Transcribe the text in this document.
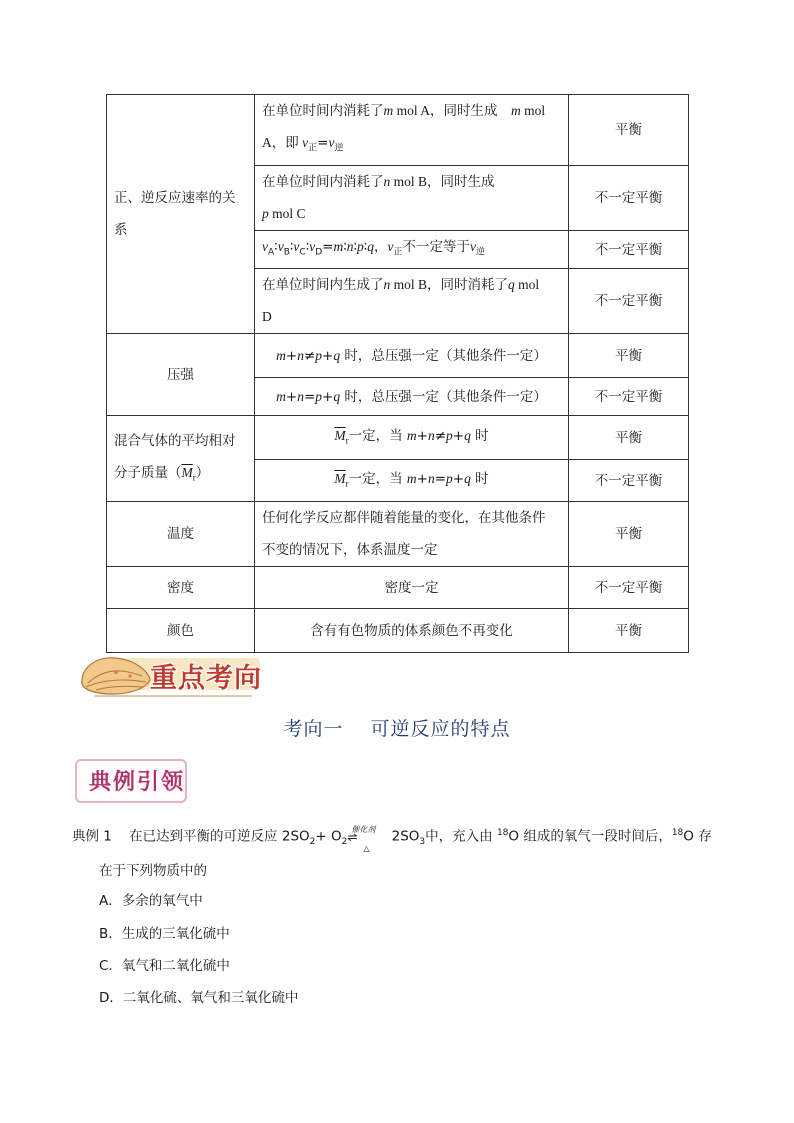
正、逆反应速率的关系	在单位时间内消耗了m mol A，同时生成　m mol
A，即 $v_正=v_逆$	平衡
	在单位时间内消耗了n mol B，同时生成
p mol C	不一定平衡
	$v_A∶v_B∶v_C∶v_D=m∶n∶p∶q$，$v_正$不一定等于$v_逆$	不一定平衡
	在单位时间内生成了n mol B，同时消耗了q mol
D	不一定平衡
压强	m+n≠p+q 时，总压强一定（其他条件一定）	平衡
	m+n=p+q 时，总压强一定（其他条件一定）	不一定平衡
混合气体的平均相对
分子质量$(\overline{M}_r)$	$\overline{M}_r$一定，当 m+n≠p+q 时	平衡
	$\overline{M}_r$一定，当 m+n=p+q 时	不一定平衡
温度	任何化学反应都伴随着能量的变化，在其他条件
不变的情况下，体系温度一定	平衡
密度	密度一定	不一定平衡
颜色	含有有色物质的体系颜色不再变化	平衡
重点考向
考向一 可逆反应的特点
典例引领
典例 1 在已达到平衡的可逆反应 $2SO_2+ O_2$
催化剂
⇌
△
$2SO_3$中，充入由 $^{18}$O 组成的氧气一段时间后，$^{18}$O 存
在于下列物质中的
A．多余的氧气中
B．生成的三氧化硫中
C．氧气和二氧化硫中
D．二氧化硫、氧气和三氧化硫中
